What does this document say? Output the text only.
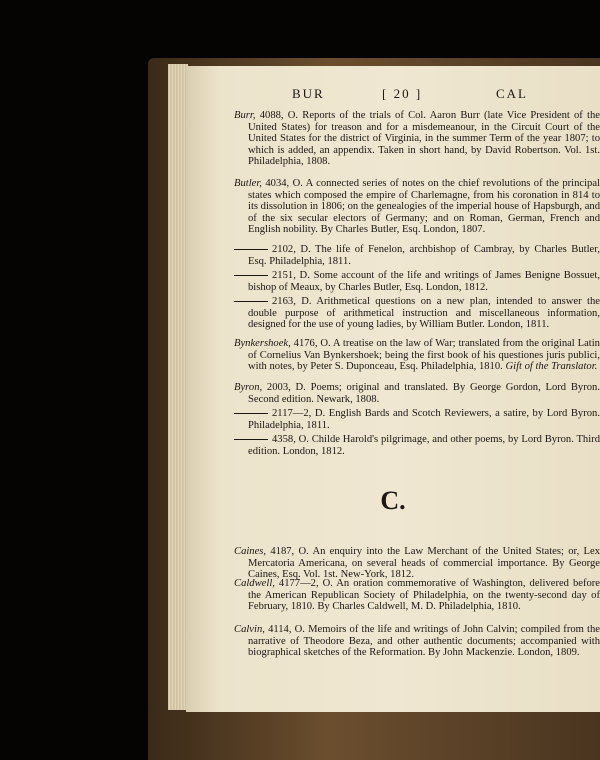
BUR	[ 20 ]	CAL
Burr, 4088, O. Reports of the trials of Col. Aaron Burr (late Vice President of the United States) for treason and for a misdemeanour, in the Circuit Court of the United States for the district of Virginia, in the summer Term of the year 1807; to which is added, an appendix. Taken in short hand, by David Robertson. Vol. 1st. Philadelphia, 1808.
Butler, 4034, O. A connected series of notes on the chief revolutions of the principal states which composed the empire of Charlemagne, from his coronation in 814 to its dissolution in 1806; on the genealogies of the imperial house of Hapsburgh, and of the six secular electors of Germany; and on Roman, German, French and English nobility. By Charles Butler, Esq. London, 1807.
2102, D. The life of Fenelon, archbishop of Cambray, by Charles Butler, Esq. Philadelphia, 1811.
2151, D. Some account of the life and writings of James Benigne Bossuet, bishop of Meaux, by Charles Butler, Esq. London, 1812.
2163, D. Arithmetical questions on a new plan, intended to answer the double purpose of arithmetical instruction and miscellaneous information, designed for the use of young ladies, by William Butler. London, 1811.
Bynkershoek, 4176, O. A treatise on the law of War; translated from the original Latin of Cornelius Van Bynkershoek; being the first book of his questiones juris publici, with notes, by Peter S. Duponceau, Esq. Philadelphia, 1810. Gift of the Translator.
Byron, 2003, D. Poems; original and translated. By George Gordon, Lord Byron. Second edition. Newark, 1808.
2117—2, D. English Bards and Scotch Reviewers, a satire, by Lord Byron. Philadelphia, 1811.
4358, O. Childe Harold's pilgrimage, and other poems, by Lord Byron. Third edition. London, 1812.
C.
Caines, 4187, O. An enquiry into the Law Merchant of the United States; or, Lex Mercatoria Americana, on several heads of commercial importance. By George Caines, Esq. Vol. 1st. New-York, 1812.
Caldwell, 4177—2, O. An oration commemorative of Washington, delivered before the American Republican Society of Philadelphia, on the twenty-second day of February, 1810. By Charles Caldwell, M. D. Philadelphia, 1810.
Calvin, 4114, O. Memoirs of the life and writings of John Calvin; compiled from the narrative of Theodore Beza, and other authentic documents; accompanied with biographical sketches of the Reformation. By John Mackenzie. London, 1809.
